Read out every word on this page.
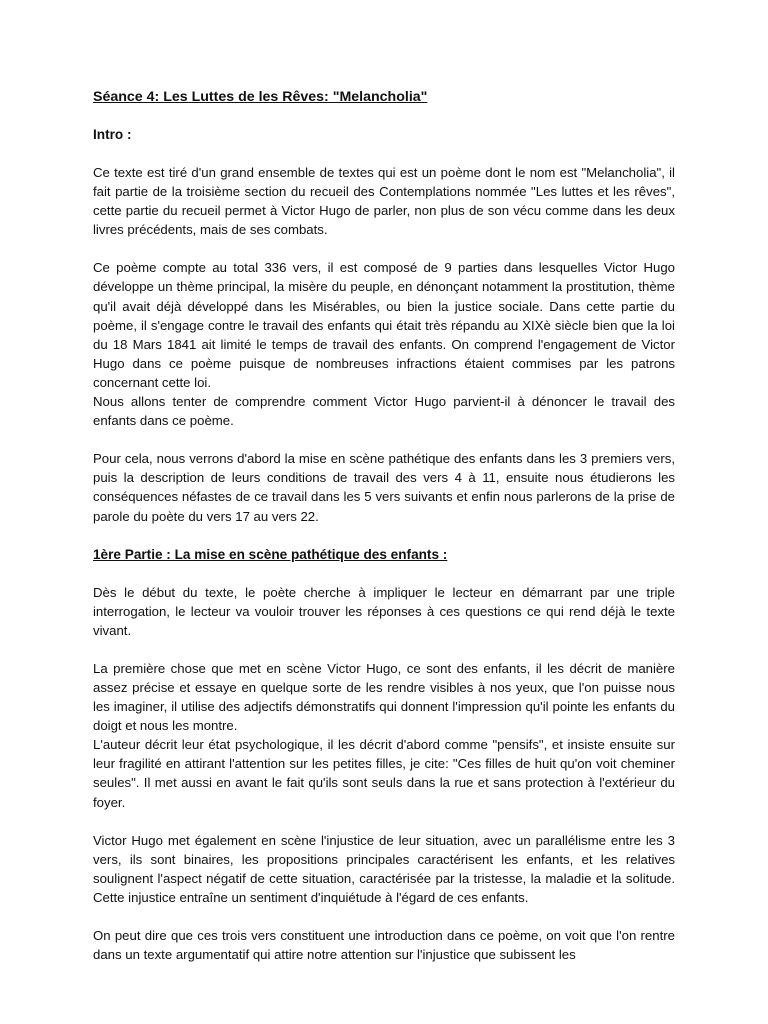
Séance 4: Les Luttes de les Rêves: "Melancholia"
Intro :

Ce texte est tiré d'un grand ensemble de textes qui est un poème dont le nom est "Melancholia", il fait partie de la troisième section du recueil des Contemplations nommée "Les luttes et les rêves", cette partie du recueil permet à Victor Hugo de parler, non plus de son vécu comme dans les deux livres précédents, mais de ses combats.

Ce poème compte au total 336 vers, il est composé de 9 parties dans lesquelles Victor Hugo développe un thème principal, la misère du peuple, en dénonçant notamment la prostitution, thème qu'il avait déjà développé dans les Misérables, ou bien la justice sociale. Dans cette partie du poème, il s'engage contre le travail des enfants qui était très répandu au XIXè siècle bien que la loi du 18 Mars 1841 ait limité le temps de travail des enfants. On comprend l'engagement de Victor Hugo dans ce poème puisque de nombreuses infractions étaient commises par les patrons concernant cette loi.

Nous allons tenter de comprendre comment Victor Hugo parvient-il à dénoncer le travail des enfants dans ce poème.

Pour cela, nous verrons d'abord la mise en scène pathétique des enfants dans les 3 premiers vers, puis la description de leurs conditions de travail des vers 4 à 11, ensuite nous étudierons les conséquences néfastes de ce travail dans les 5 vers suivants et enfin nous parlerons de la prise de parole du poète du vers 17 au vers 22.

1ère Partie : La mise en scène pathétique des enfants :

Dès le début du texte, le poète cherche à impliquer le lecteur en démarrant par une triple interrogation, le lecteur va vouloir trouver les réponses à ces questions ce qui rend déjà le texte vivant.

La première chose que met en scène Victor Hugo, ce sont des enfants, il les décrit de manière assez précise et essaye en quelque sorte de les rendre visibles à nos yeux, que l'on puisse nous les imaginer, il utilise des adjectifs démonstratifs qui donnent l'impression qu'il pointe les enfants du doigt et nous les montre.

L'auteur décrit leur état psychologique, il les décrit d'abord comme "pensifs", et insiste ensuite sur leur fragilité en attirant l'attention sur les petites filles, je cite: "Ces filles de huit qu'on voit cheminer seules". Il met aussi en avant le fait qu'ils sont seuls dans la rue et sans protection à l'extérieur du foyer.

Victor Hugo met également en scène l'injustice de leur situation, avec un parallélisme entre les 3 vers, ils sont binaires, les propositions principales caractérisent les enfants, et les relatives soulignent l'aspect négatif de cette situation, caractérisée par la tristesse, la maladie et la solitude. Cette injustice entraîne un sentiment d'inquiétude à l'égard de ces enfants.

On peut dire que ces trois vers constituent une introduction dans ce poème, on voit que l'on rentre dans un texte argumentatif qui attire notre attention sur l'injustice que subissent les
